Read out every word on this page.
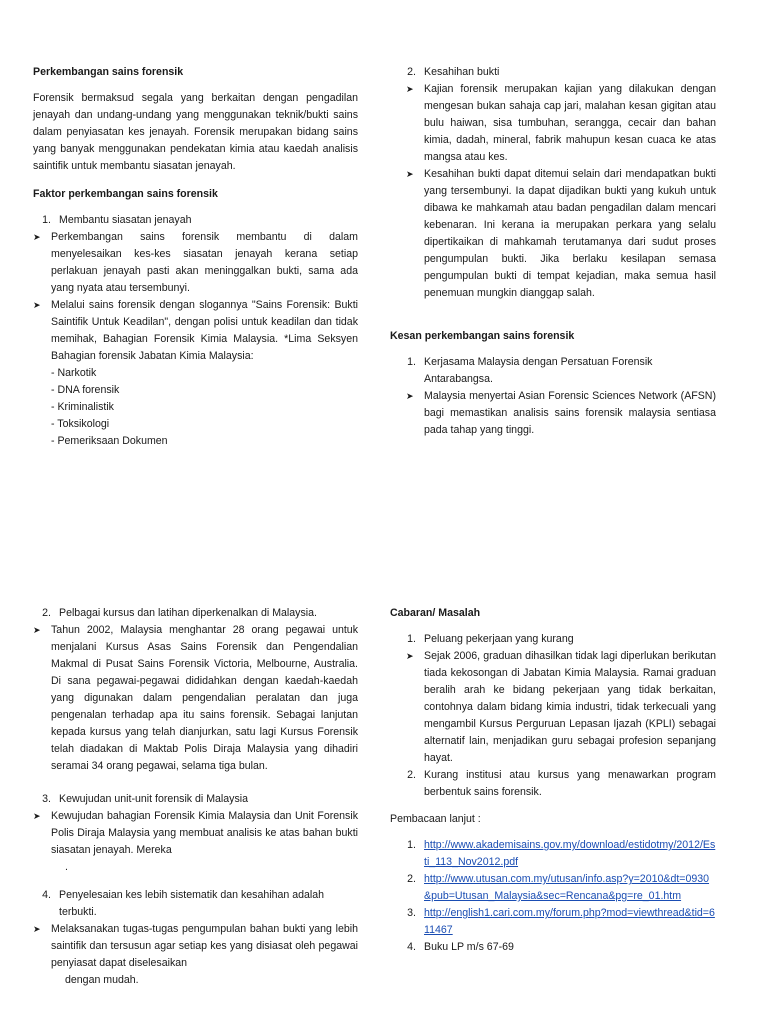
Perkembangan sains forensik

Forensik bermaksud segala yang berkaitan dengan pengadilan jenayah dan undang-undang yang menggunakan teknik/bukti sains dalam penyiasatan kes jenayah. Forensik merupakan bidang sains yang banyak menggunakan pendekatan kimia atau kaedah analisis saintifik untuk membantu siasatan jenayah.

Faktor perkembangan sains forensik

1. Membantu siasatan jenayah
➤ Perkembangan sains forensik membantu di dalam menyelesaikan kes-kes siasatan jenayah kerana setiap perlakuan jenayah pasti akan meninggalkan bukti, sama ada yang nyata atau tersembunyi.
➤ Melalui sains forensik dengan slogannya "Sains Forensik: Bukti Saintifik Untuk Keadilan", dengan polisi untuk keadilan dan tidak memihak, Bahagian Forensik Kimia Malaysia. *Lima Seksyen Bahagian forensik Jabatan Kimia Malaysia:

- Narkotik

- DNA forensik

- Kriminalistik

- Toksikologi

- Pemeriksaan Dokumen

2. Kesahihan bukti
➤ Kajian forensik merupakan kajian yang dilakukan dengan mengesan bukan sahaja cap jari, malahan kesan gigitan atau bulu haiwan, sisa tumbuhan, serangga, cecair dan bahan kimia, dadah, mineral, fabrik mahupun kesan cuaca ke atas mangsa atau kes.
➤ Kesahihan bukti dapat ditemui selain dari mendapatkan bukti yang tersembunyi. Ia dapat dijadikan bukti yang kukuh untuk dibawa ke mahkamah atau badan pengadilan dalam mencari kebenaran. Ini kerana ia merupakan perkara yang selalu dipertikaikan di mahkamah terutamanya dari sudut proses pengumpulan bukti. Jika berlaku kesilapan semasa pengumpulan bukti di tempat kejadian, maka semua hasil penemuan mungkin dianggap salah.

Kesan perkembangan sains forensik

1. Kerjasama Malaysia dengan Persatuan Forensik Antarabangsa.
➤ Malaysia menyertai Asian Forensic Sciences Network (AFSN) bagi memastikan analisis sains forensik malaysia sentiasa pada tahap yang tinggi.
2. Pelbagai kursus dan latihan diperkenalkan di Malaysia.
➤ Tahun 2002, Malaysia menghantar 28 orang pegawai untuk menjalani Kursus Asas Sains Forensik dan Pengendalian Makmal di Pusat Sains Forensik Victoria, Melbourne, Australia. Di sana pegawai-pegawai dididahkan dengan kaedah-kaedah yang digunakan dalam pengendalian peralatan dan juga pengenalan terhadap apa itu sains forensik. Sebagai lanjutan kepada kursus yang telah dianjurkan, satu lagi Kursus Forensik telah diadakan di Maktab Polis Diraja Malaysia yang dihadiri seramai 34 orang pegawai, selama tiga bulan.
3. Kewujudan unit-unit forensik di Malaysia
➤ Kewujudan bahagian Forensik Kimia Malaysia dan Unit Forensik Polis Diraja Malaysia yang membuat analisis ke atas bahan bukti siasatan jenayah. Mereka

.

4. Penyelesaian kes lebih sistematik dan kesahihan adalah terbukti.
➤ Melaksanakan tugas-tugas pengumpulan bahan bukti yang lebih saintifik dan tersusun agar setiap kes yang disiasat oleh pegawai penyiasat dapat diselesaikan

dengan mudah.

Cabaran/ Masalah

1. Peluang pekerjaan yang kurang
➤ Sejak 2006, graduan dihasilkan tidak lagi diperlukan berikutan tiada kekosongan di Jabatan Kimia Malaysia. Ramai graduan beralih arah ke bidang pekerjaan yang tidak berkaitan, contohnya dalam bidang kimia industri, tidak terkecuali yang mengambil Kursus Perguruan Lepasan Ijazah (KPLI) sebagai alternatif lain, menjadikan guru sebagai profesion sepanjang hayat.
2. Kurang institusi atau kursus yang menawarkan program berbentuk sains forensik.

Pembacaan lanjut :

1. http://www.akademisains.gov.my/download/estidotmy/2012/Esti_113_Nov2012.pdf
2. http://www.utusan.com.my/utusan/info.asp?y=2010&dt=0930&pub=Utusan_Malaysia&sec=Rencana&pg=re_01.htm
3. http://english1.cari.com.my/forum.php?mod=viewthread&tid=611467
4. Buku LP m/s 67-69
